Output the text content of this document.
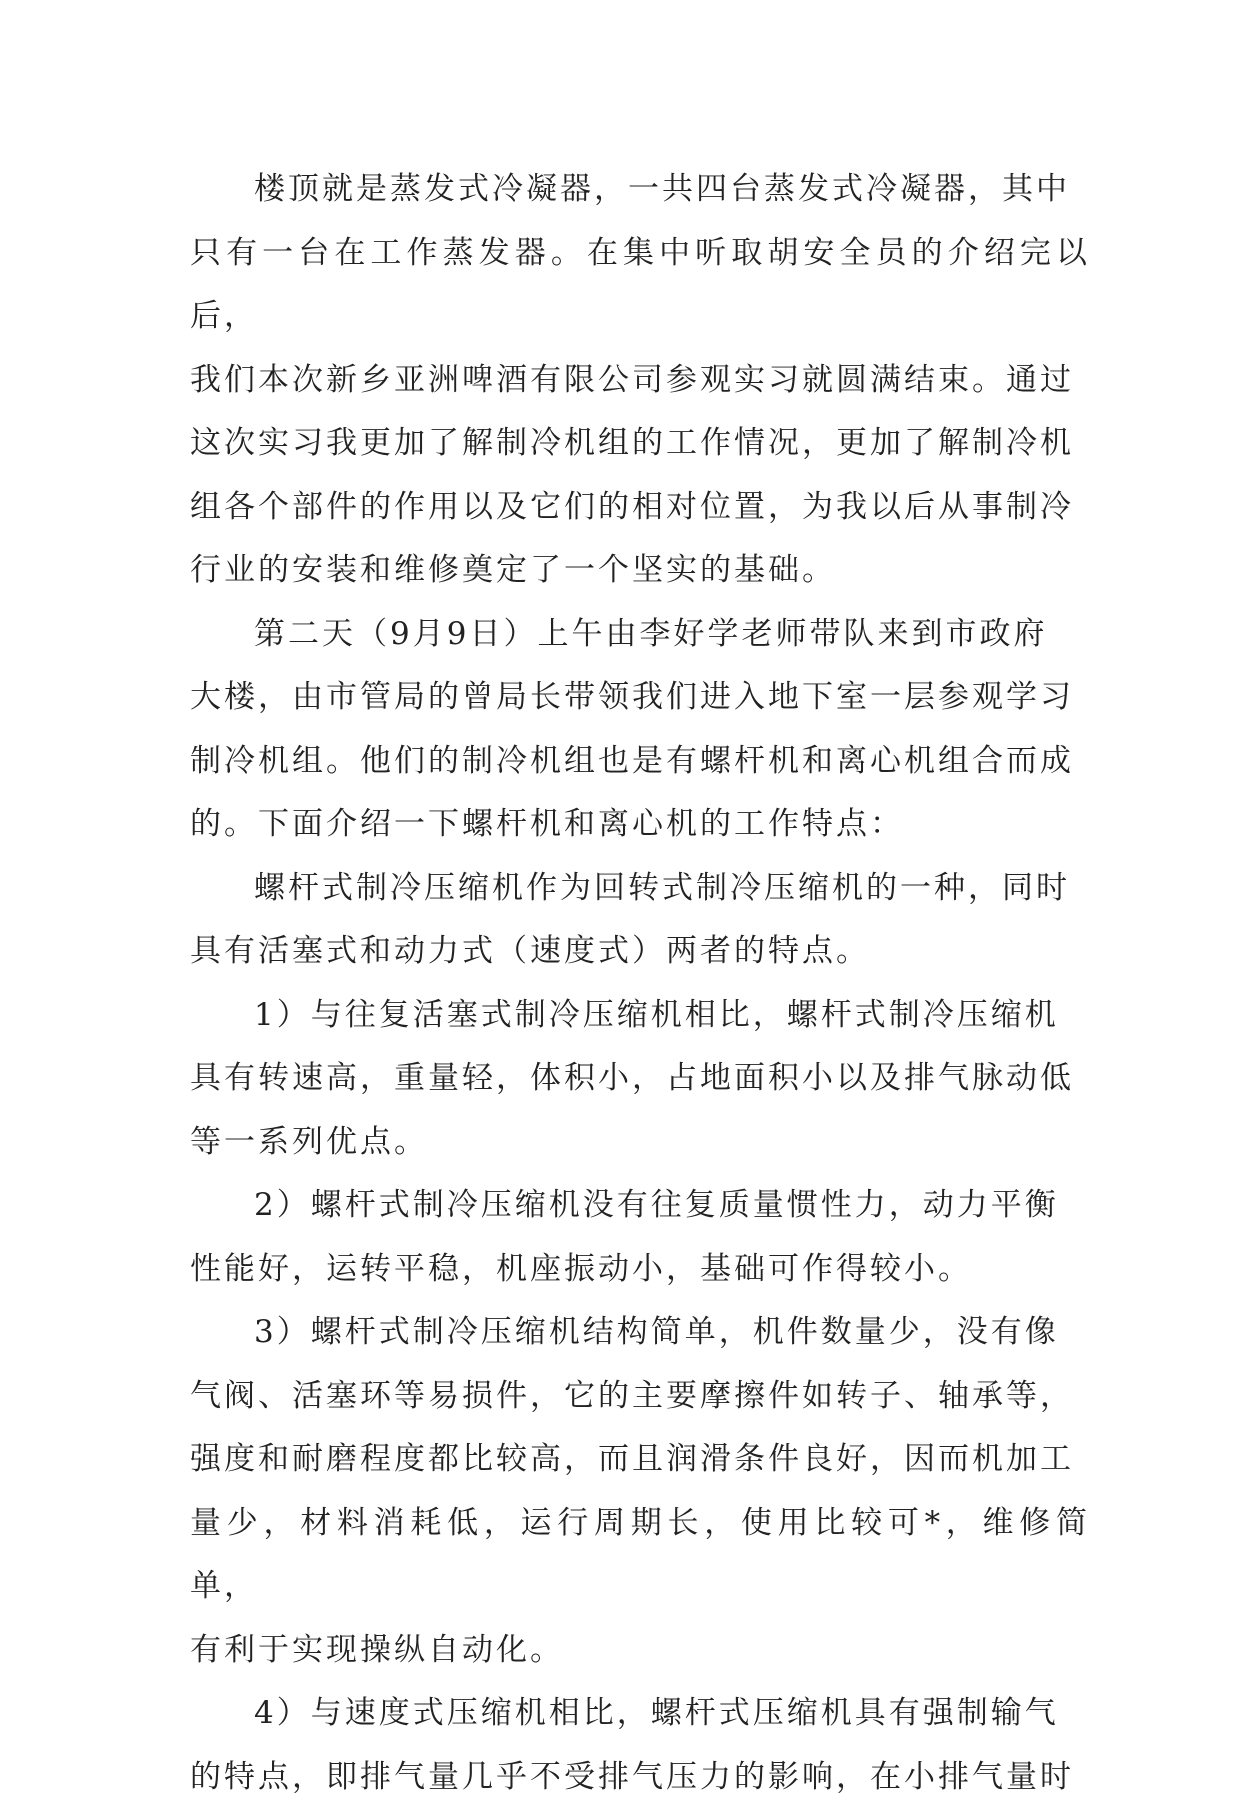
楼顶就是蒸发式冷凝器，一共四台蒸发式冷凝器，其中
只有一台在工作蒸发器。在集中听取胡安全员的介绍完以后，
我们本次新乡亚洲啤酒有限公司参观实习就圆满结束。通过
这次实习我更加了解制冷机组的工作情况，更加了解制冷机
组各个部件的作用以及它们的相对位置，为我以后从事制冷
行业的安装和维修奠定了一个坚实的基础。

第二天（9月9日）上午由李好学老师带队来到市政府
大楼，由市管局的曾局长带领我们进入地下室一层参观学习
制冷机组。他们的制冷机组也是有螺杆机和离心机组合而成
的。下面介绍一下螺杆机和离心机的工作特点：

螺杆式制冷压缩机作为回转式制冷压缩机的一种，同时
具有活塞式和动力式（速度式）两者的特点。

1）与往复活塞式制冷压缩机相比，螺杆式制冷压缩机
具有转速高，重量轻，体积小，占地面积小以及排气脉动低
等一系列优点。

2）螺杆式制冷压缩机没有往复质量惯性力，动力平衡
性能好，运转平稳，机座振动小，基础可作得较小。

3）螺杆式制冷压缩机结构简单，机件数量少，没有像
气阀、活塞环等易损件，它的主要摩擦件如转子、轴承等，
强度和耐磨程度都比较高，而且润滑条件良好，因而机加工
量少，材料消耗低，运行周期长，使用比较可*，维修简单，
有利于实现操纵自动化。

4）与速度式压缩机相比，螺杆式压缩机具有强制输气
的特点，即排气量几乎不受排气压力的影响，在小排气量时
